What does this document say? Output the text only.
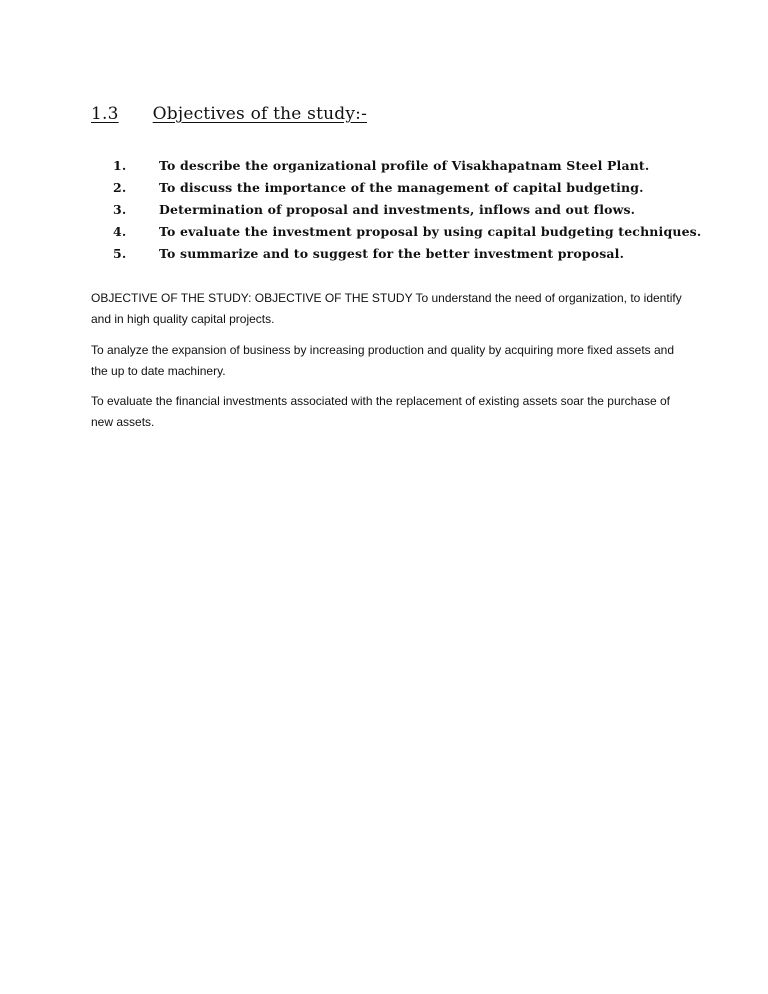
1.3 Objectives of the study:-
1.	To describe the organizational profile of Visakhapatnam Steel Plant.
2.	To discuss the importance of the management of capital budgeting.
3.	Determination of proposal and investments, inflows and out flows.
4.	To evaluate the investment proposal by using capital budgeting techniques.
5.	To summarize and to suggest for the better investment proposal.

OBJECTIVE OF THE STUDY: OBJECTIVE OF THE STUDY To understand the need of organization, to identify and in high quality capital projects.

To analyze the expansion of business by increasing production and quality by acquiring more fixed assets and the up to date machinery.

To evaluate the financial investments associated with the replacement of existing assets soar the purchase of new assets.
